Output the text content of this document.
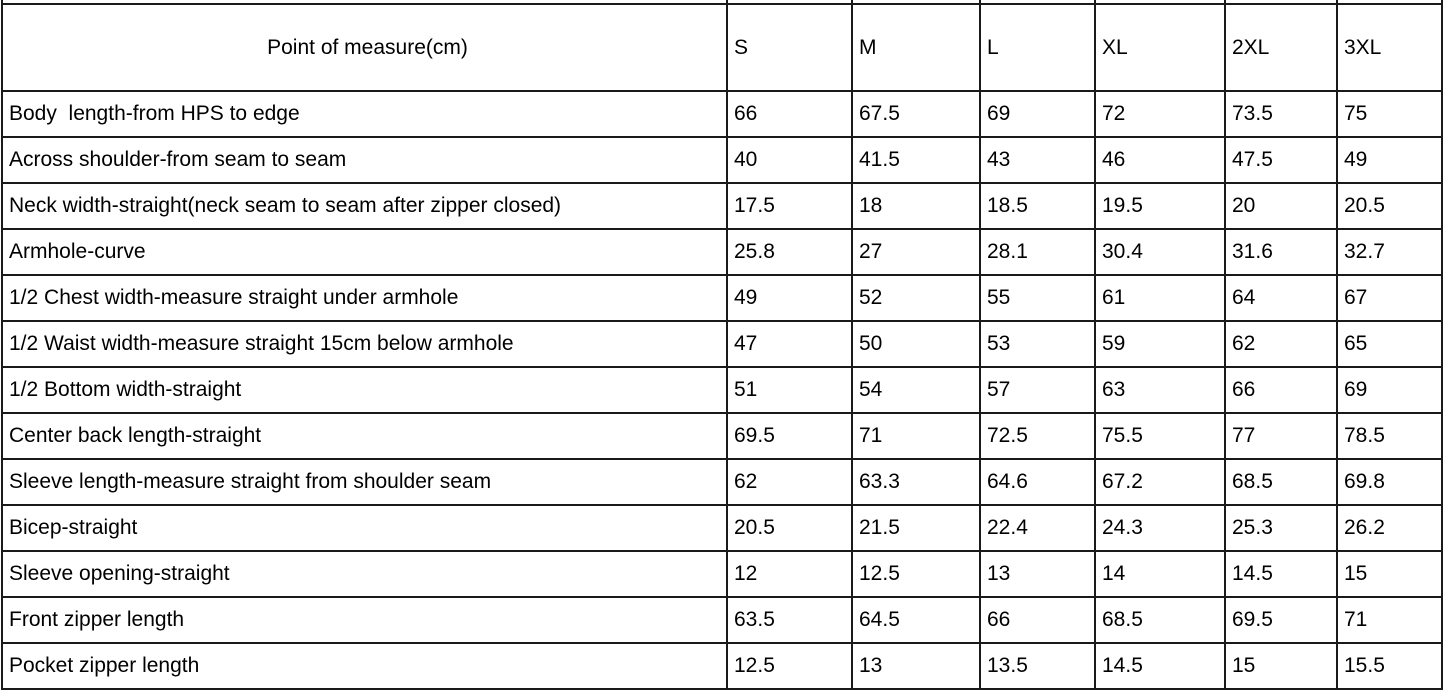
Point of measure(cm)	S	M	L	XL	2XL	3XL
Body  length-from HPS to edge	66	67.5	69	72	73.5	75
Across shoulder-from seam to seam	40	41.5	43	46	47.5	49
Neck width-straight(neck seam to seam after zipper closed)	17.5	18	18.5	19.5	20	20.5
Armhole-curve	25.8	27	28.1	30.4	31.6	32.7
1/2 Chest width-measure straight under armhole	49	52	55	61	64	67
1/2 Waist width-measure straight 15cm below armhole	47	50	53	59	62	65
1/2 Bottom width-straight	51	54	57	63	66	69
Center back length-straight	69.5	71	72.5	75.5	77	78.5
Sleeve length-measure straight from shoulder seam	62	63.3	64.6	67.2	68.5	69.8
Bicep-straight	20.5	21.5	22.4	24.3	25.3	26.2
Sleeve opening-straight	12	12.5	13	14	14.5	15
Front zipper length	63.5	64.5	66	68.5	69.5	71
Pocket zipper length	12.5	13	13.5	14.5	15	15.5
